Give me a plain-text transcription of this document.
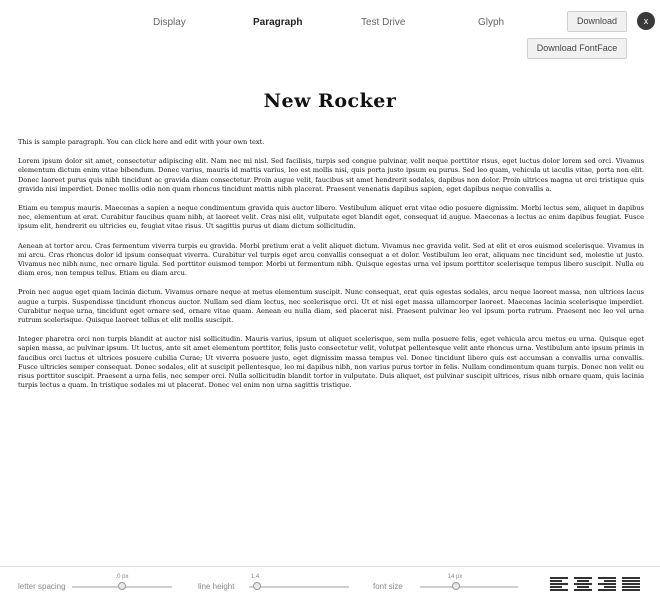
Display	Paragraph	Test Drive	Glyph	Download	x
Download FontFace
New Rocker

This is sample paragraph. You can click here and edit with your own text.

Lorem ipsum dolor sit amet, consectetur adipiscing elit. Nam nec mi nisl. Sed facilisis, turpis sed congue pulvinar, velit neque porttitor risus, eget luctus dolor lorem sed orci. Vivamus elementum dictum enim vitae bibendum. Donec varius, mauris id mattis varius, leo est mollis nisi, quis porta justo ipsum eu purus. Sed leo quam, vehicula ut iaculis vitae, porta non elit. Donec laoreet purus quis nibh tincidunt ac gravida diam consectetur. Proin augue velit, faucibus sit amet hendrerit sodales, dapibus non dolor. Proin ultrices magna ut orci tristique quis gravida nisi imperdiet. Donec mollis odio non quam rhoncus tincidunt mattis nibh placerat. Praesent venenatis dapibus sapien, eget dapibus neque convallis a.

Etiam eu tempus mauris. Maecenas a sapien a neque condimentum gravida quis auctor libero. Vestibulum aliquet erat vitae odio posuere dignissim. Morbi lectus sem, aliquet in dapibus nec, elementum at erat. Curabitur faucibus quam nibh, at laoreet velit. Cras nisi elit, vulputate eget blandit eget, consequat id augue. Maecenas a lectus ac enim dapibus feugiat. Fusce ipsum elit, hendrerit eu ultricies eu, feugiat vitae risus. Ut sagittis purus ut diam dictum sollicitudin.

Aenean at tortor arcu. Cras fermentum viverra turpis eu gravida. Morbi pretium erat a velit aliquet dictum. Vivamus nec gravida velit. Sed at elit et eros euismod scelerisque. Vivamus in mi arcu. Cras rhoncus dolor id ipsum consequat viverra. Curabitur vel turpis eget arcu convallis consequat a et dolor. Vestibulum leo erat, aliquam nec tincidunt sed, molestie ut justo. Vivamus nec nibh nunc, nec ornare ligula. Sed porttitor euismod tempor. Morbi ut fermentum nibh. Quisque egestas urna vel ipsum porttitor scelerisque tempus libero suscipit. Nulla eu diam eros, non tempus tellus. Etiam eu diam arcu.

Proin nec augue eget quam lacinia dictum. Vivamus ornare neque at metus elementum suscipit. Nunc consequat, erat quis egestas sodales, arcu neque laoreet massa, non ultrices lacus augue a turpis. Suspendisse tincidunt rhoncus auctor. Nullam sed diam lectus, nec scelerisque orci. Ut et nisi eget massa ullamcorper laoreet. Maecenas lacinia scelerisque imperdiet. Curabitur neque urna, tincidunt eget ornare sed, ornare vitae quam. Aenean eu nulla diam, sed placerat nisi. Praesent pulvinar leo vel ipsum porta rutrum. Praesent nec leo vel urna rutrum scelerisque. Quisque laoreet tellus et elit mollis suscipit.

Integer pharetra orci non turpis blandit at auctor nisl sollicitudin. Mauris varius, ipsum ut aliquet scelerisque, sem nulla posuere felis, eget vehicula arcu metus eu urna. Quisque eget sapien massa, ac pulvinar ipsum. Ut luctus, ante sit amet elementum porttitor, felis justo consectetur velit, volutpat pellentesque velit ante rhoncus urna. Vestibulum ante ipsum primis in faucibus orci luctus et ultrices posuere cubilia Curae; Ut viverra posuere justo, eget dignissim massa tempus vel. Donec tincidunt libero quis est accumsan a convallis urna convallis. Fusce ultricies semper consequat. Donec sodales, elit at suscipit pellentesque, leo mi dapibus nibh, non varius purus tortor in felis. Nullam condimentum quam turpis. Donec non velit eu risus porttitor suscipit. Praesent a urna felis, nec semper orci. Nulla sollicitudin blandit tortor in vulputate. Duis aliquet, est pulvinar suscipit ultrices, risus nibh ornare quam, quis lacinia turpis lectus a quam. In tristique sodales mi ut placerat. Donec vel enim non urna sagittis tristique.

letter spacing
.0 px
line height
1.4
font size
14 px
